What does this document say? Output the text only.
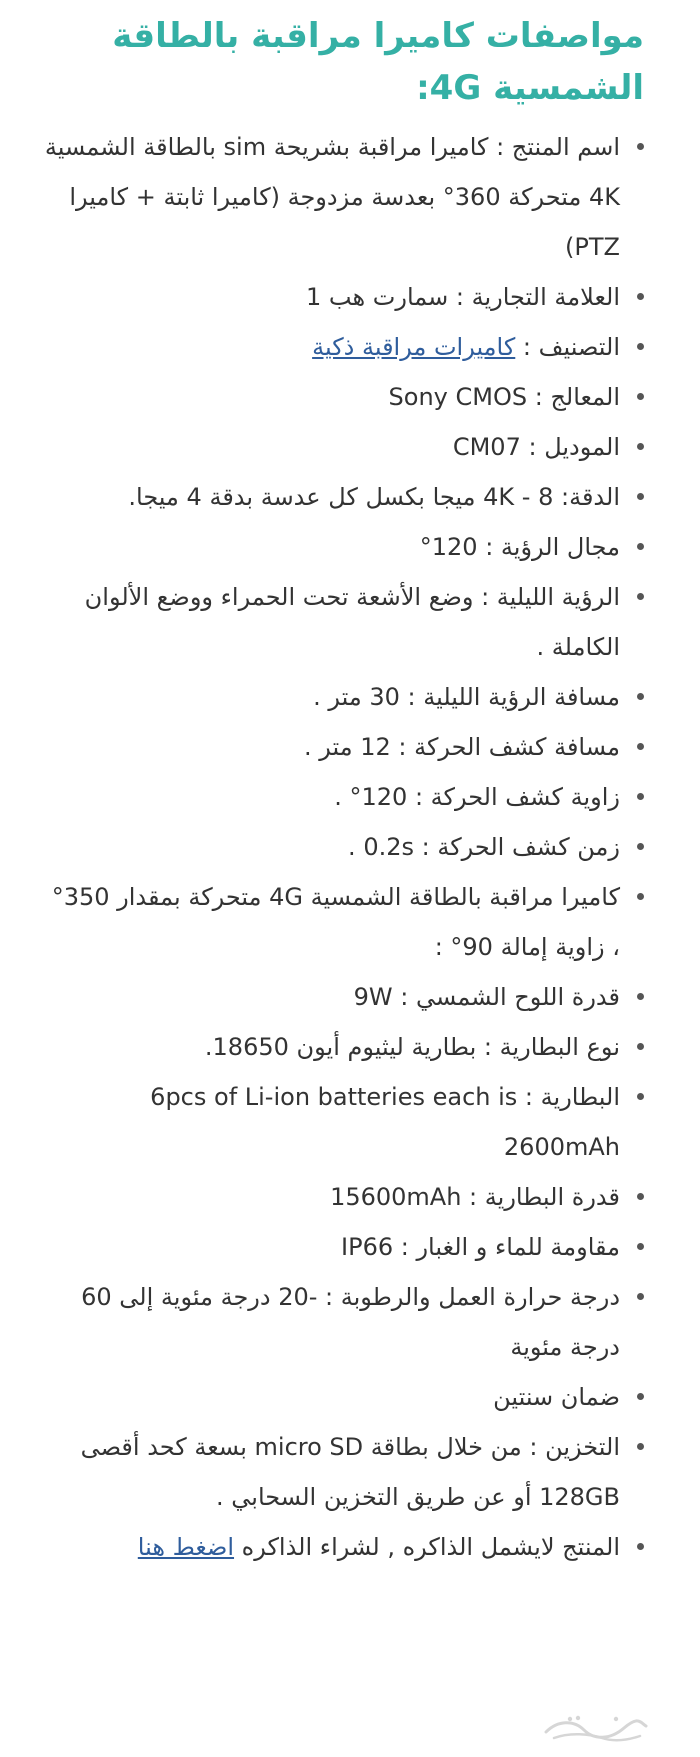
مواصفات كاميرا مراقبة بالطاقة
الشمسية 4G:
اسم المنتج : كاميرا مراقبة بشريحة sim بالطاقة الشمسية 4K متحركة 360° بعدسة مزدوجة (كاميرا ثابتة + كاميرا PTZ)
العلامة التجارية : سمارت هب 1
التصنيف : كاميرات مراقبة ذكية
المعالج : Sony CMOS
الموديل : CM07
الدقة: 8 - 4K ميجا بكسل كل عدسة بدقة 4 ميجا.
مجال الرؤية : 120°
الرؤية الليلية : وضع الأشعة تحت الحمراء ووضع الألوان الكاملة .
مسافة الرؤية الليلية : 30 متر .
مسافة كشف الحركة : 12 متر .
زاوية كشف الحركة : 120° .
زمن كشف الحركة : 0.2s .
كاميرا مراقبة بالطاقة الشمسية 4G متحركة بمقدار 350° ، زاوية إمالة 90° :
قدرة اللوح الشمسي : 9W
نوع البطارية : بطارية ليثيوم أيون 18650.
البطارية : 6pcs of Li-ion batteries each is 2600mAh
قدرة البطارية : 15600mAh
مقاومة للماء و الغبار : IP66
درجة حرارة العمل والرطوبة : -20 درجة مئوية إلى 60 درجة مئوية
ضمان سنتين
التخزين : من خلال بطاقة micro SD بسعة كحد أقصى 128GB أو عن طريق التخزين السحابي .
المنتج لايشمل الذاكره , لشراء الذاكره اضغط هنا
